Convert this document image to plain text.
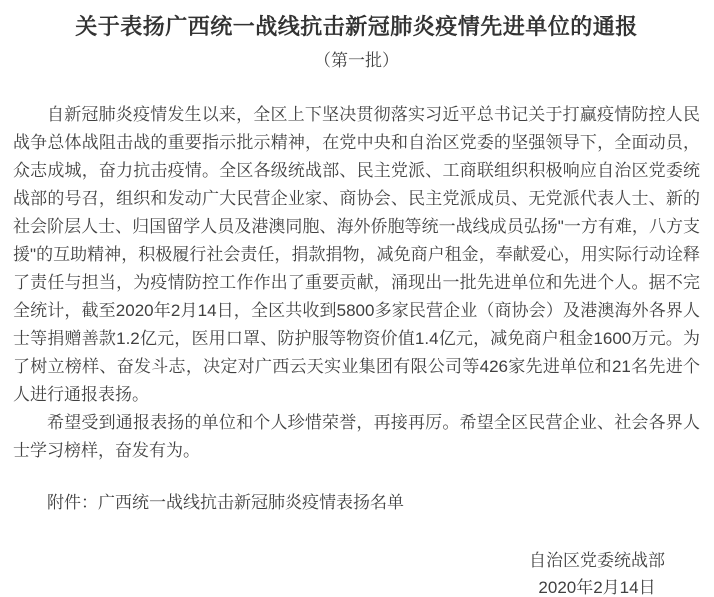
关于表扬广西统一战线抗击新冠肺炎疫情先进单位的通报
（第一批）

自新冠肺炎疫情发生以来，全区上下坚决贯彻落实习近平总书记关于打赢疫情防控人民战争总体战阻击战的重要指示批示精神，在党中央和自治区党委的坚强领导下，全面动员，众志成城，奋力抗击疫情。全区各级统战部、民主党派、工商联组织积极响应自治区党委统战部的号召，组织和发动广大民营企业家、商协会、民主党派成员、无党派代表人士、新的社会阶层人士、归国留学人员及港澳同胞、海外侨胞等统一战线成员弘扬"一方有难，八方支援"的互助精神，积极履行社会责任，捐款捐物，减免商户租金，奉献爱心，用实际行动诠释了责任与担当，为疫情防控工作作出了重要贡献，涌现出一批先进单位和先进个人。据不完全统计，截至2020年2月14日，全区共收到5800多家民营企业（商协会）及港澳海外各界人士等捐赠善款1.2亿元，医用口罩、防护服等物资价值1.4亿元，减免商户租金1600万元。为了树立榜样、奋发斗志，决定对广西云天实业集团有限公司等426家先进单位和21名先进个人进行通报表扬。

希望受到通报表扬的单位和个人珍惜荣誉，再接再厉。希望全区民营企业、社会各界人士学习榜样，奋发有为。

附件：广西统一战线抗击新冠肺炎疫情表扬名单

自治区党委统战部
2020年2月14日
